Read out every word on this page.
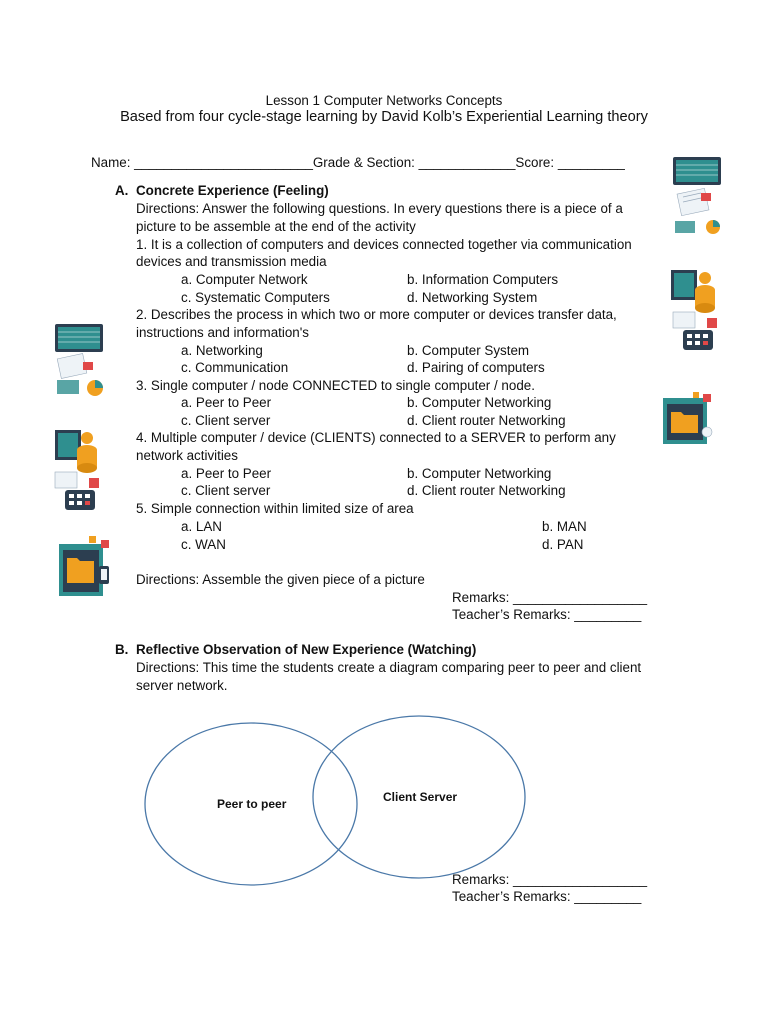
Lesson 1 Computer Networks Concepts
Based from four cycle-stage learning by David Kolb’s Experiential Learning theory
Name: ________________________Grade & Section: _____________Score: _________
A. Concrete Experience (Feeling)
Directions: Answer the following questions. In every questions there is a piece of a
picture to be assemble at the end of the activity
1. It is a collection of computers and devices connected together via communication
devices and transmission media
a. Computer Network	b. Information Computers
c. Systematic Computers	d. Networking System
2. Describes the process in which two or more computer or devices transfer data,
instructions and information's
a. Networking	b. Computer System
c. Communication	d. Pairing of computers
3. Single computer / node CONNECTED to single computer / node.
a. Peer to Peer	b. Computer Networking
c. Client server	d. Client router Networking
4. Multiple computer / device (CLIENTS) connected to a SERVER to perform any
network activities
a. Peer to Peer	b. Computer Networking
c. Client server	d. Client router Networking
5. Simple connection within limited size of area
a. LAN	b. MAN
c. WAN	d. PAN
Directions: Assemble the given piece of a picture
Remarks: __________________
Teacher’s Remarks: _________
B. Reflective Observation of New Experience (Watching)
Directions: This time the students create a diagram comparing peer to peer and client
server network.
Peer to peer	Client Server
Remarks: __________________
Teacher’s Remarks: _________
